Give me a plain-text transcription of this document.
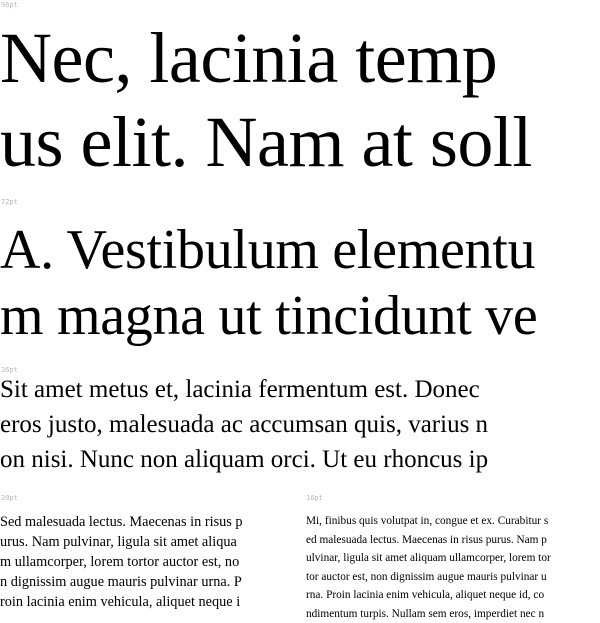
96pt
Nec, lacinia temp
us elit. Nam at soll
72pt
A. Vestibulum elementu
m magna ut tincidunt ve
36pt
Sit amet metus et, lacinia fermentum est. Donec
eros justo, malesuada ac accumsan quis, varius n
on nisi. Nunc non aliquam orci. Ut eu rhoncus ip
20pt
Sed malesuada lectus. Maecenas in risus p
urus. Nam pulvinar, ligula sit amet aliqua
m ullamcorper, lorem tortor auctor est, no
n dignissim augue mauris pulvinar urna. P
roin lacinia enim vehicula, aliquet neque i
16pt
Mi, finibus quis volutpat in, congue et ex. Curabitur s
ed malesuada lectus. Maecenas in risus purus. Nam p
ulvinar, ligula sit amet aliquam ullamcorper, lorem tor
tor auctor est, non dignissim augue mauris pulvinar u
rna. Proin lacinia enim vehicula, aliquet neque id, co
ndimentum turpis. Nullam sem eros, imperdiet nec n
